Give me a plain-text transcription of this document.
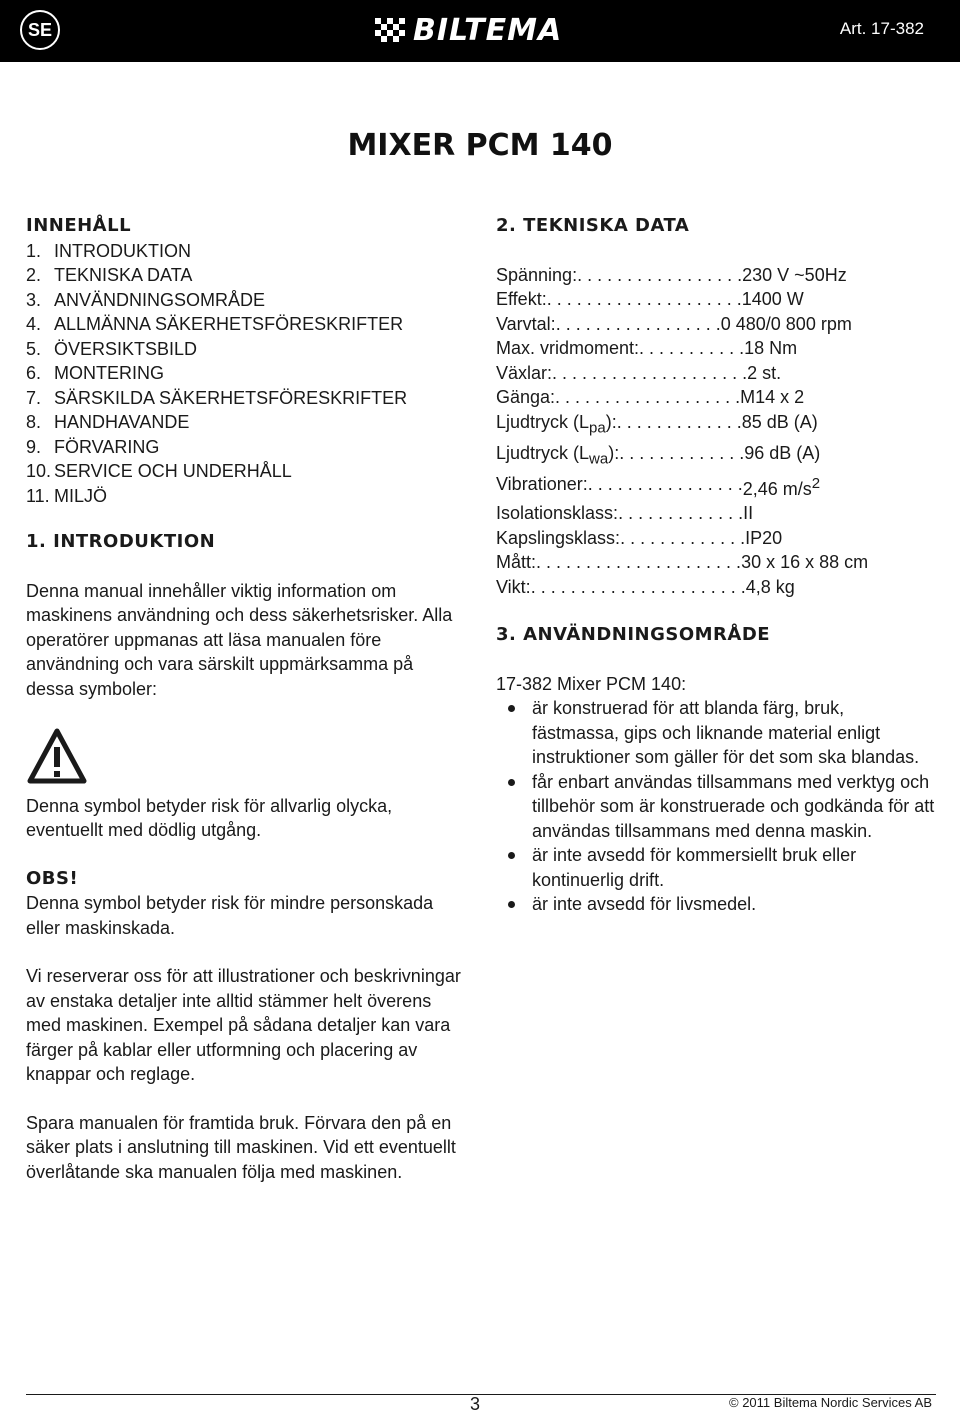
SE	BILTEMA	Art. 17-382
MIXER PCM 140
INNEHÅLL
1. INTRODUKTION
2. TEKNISKA DATA
3. ANVÄNDNINGSOMRÅDE
4. ALLMÄNNA SÄKERHETSFÖRESKRIFTER
5. ÖVERSIKTSBILD
6. MONTERING
7. SÄRSKILDA SÄKERHETSFÖRESKRIFTER
8. HANDHAVANDE
9. FÖRVARING
10. SERVICE OCH UNDERHÅLL
11. MILJÖ
1. INTRODUKTION

Denna manual innehåller viktig information om maskinens användning och dess säkerhetsrisker. Alla operatörer uppmanas att läsa manualen före användning och vara särskilt uppmärksamma på dessa symboler:

Denna symbol betyder risk för allvarlig olycka, eventuellt med dödlig utgång.

OBS!

Denna symbol betyder risk för mindre personskada eller maskinskada.

Vi reserverar oss för att illustrationer och beskrivningar av enstaka detaljer inte alltid stämmer helt överens med maskinen. Exempel på sådana detaljer kan vara färger på kablar eller utformning och placering av knappar och reglage.

Spara manualen för framtida bruk. Förvara den på en säker plats i anslutning till maskinen. Vid ett eventuellt överlåtande ska manualen följa med maskinen.

2. TEKNISKA DATA
Spänning: . . . . . . . . . . . . . . . . . 230 V ~50Hz
Effekt: . . . . . . . . . . . . . . . . . . . . 1400 W
Varvtal: . . . . . . . . . . . . . . . . . 0 480/0 800 rpm
Max. vridmoment: . . . . . . . . . . . 18 Nm
Växlar: . . . . . . . . . . . . . . . . . . . . 2 st.
Gänga: . . . . . . . . . . . . . . . . . . . M14 x 2
Ljudtryck $(L_{pa})$: . . . . . . . . . . . . . 85 dB (A)
Ljudtryck $(L_{wa})$: . . . . . . . . . . . . . 96 dB (A)
Vibrationer: . . . . . . . . . . . . . . . . 2,46 $m/s^2$
Isolationsklass: . . . . . . . . . . . . . II
Kapslingsklass: . . . . . . . . . . . . . IP20
Mått: . . . . . . . . . . . . . . . . . . . . . 30 x 16 x 88 cm
Vikt: . . . . . . . . . . . . . . . . . . . . . . 4,8 kg
3. ANVÄNDNINGSOMRÅDE

17-382 Mixer PCM 140:

är konstruerad för att blanda färg, bruk, fästmassa, gips och liknande material enligt instruktioner som gäller för det som ska blandas.
får enbart användas tillsammans med verktyg och tillbehör som är konstruerade och godkända för att användas tillsammans med denna maskin.
är inte avsedd för kommersiellt bruk eller kontinuerlig drift.
är inte avsedd för livsmedel.
3	© 2011 Biltema Nordic Services AB
